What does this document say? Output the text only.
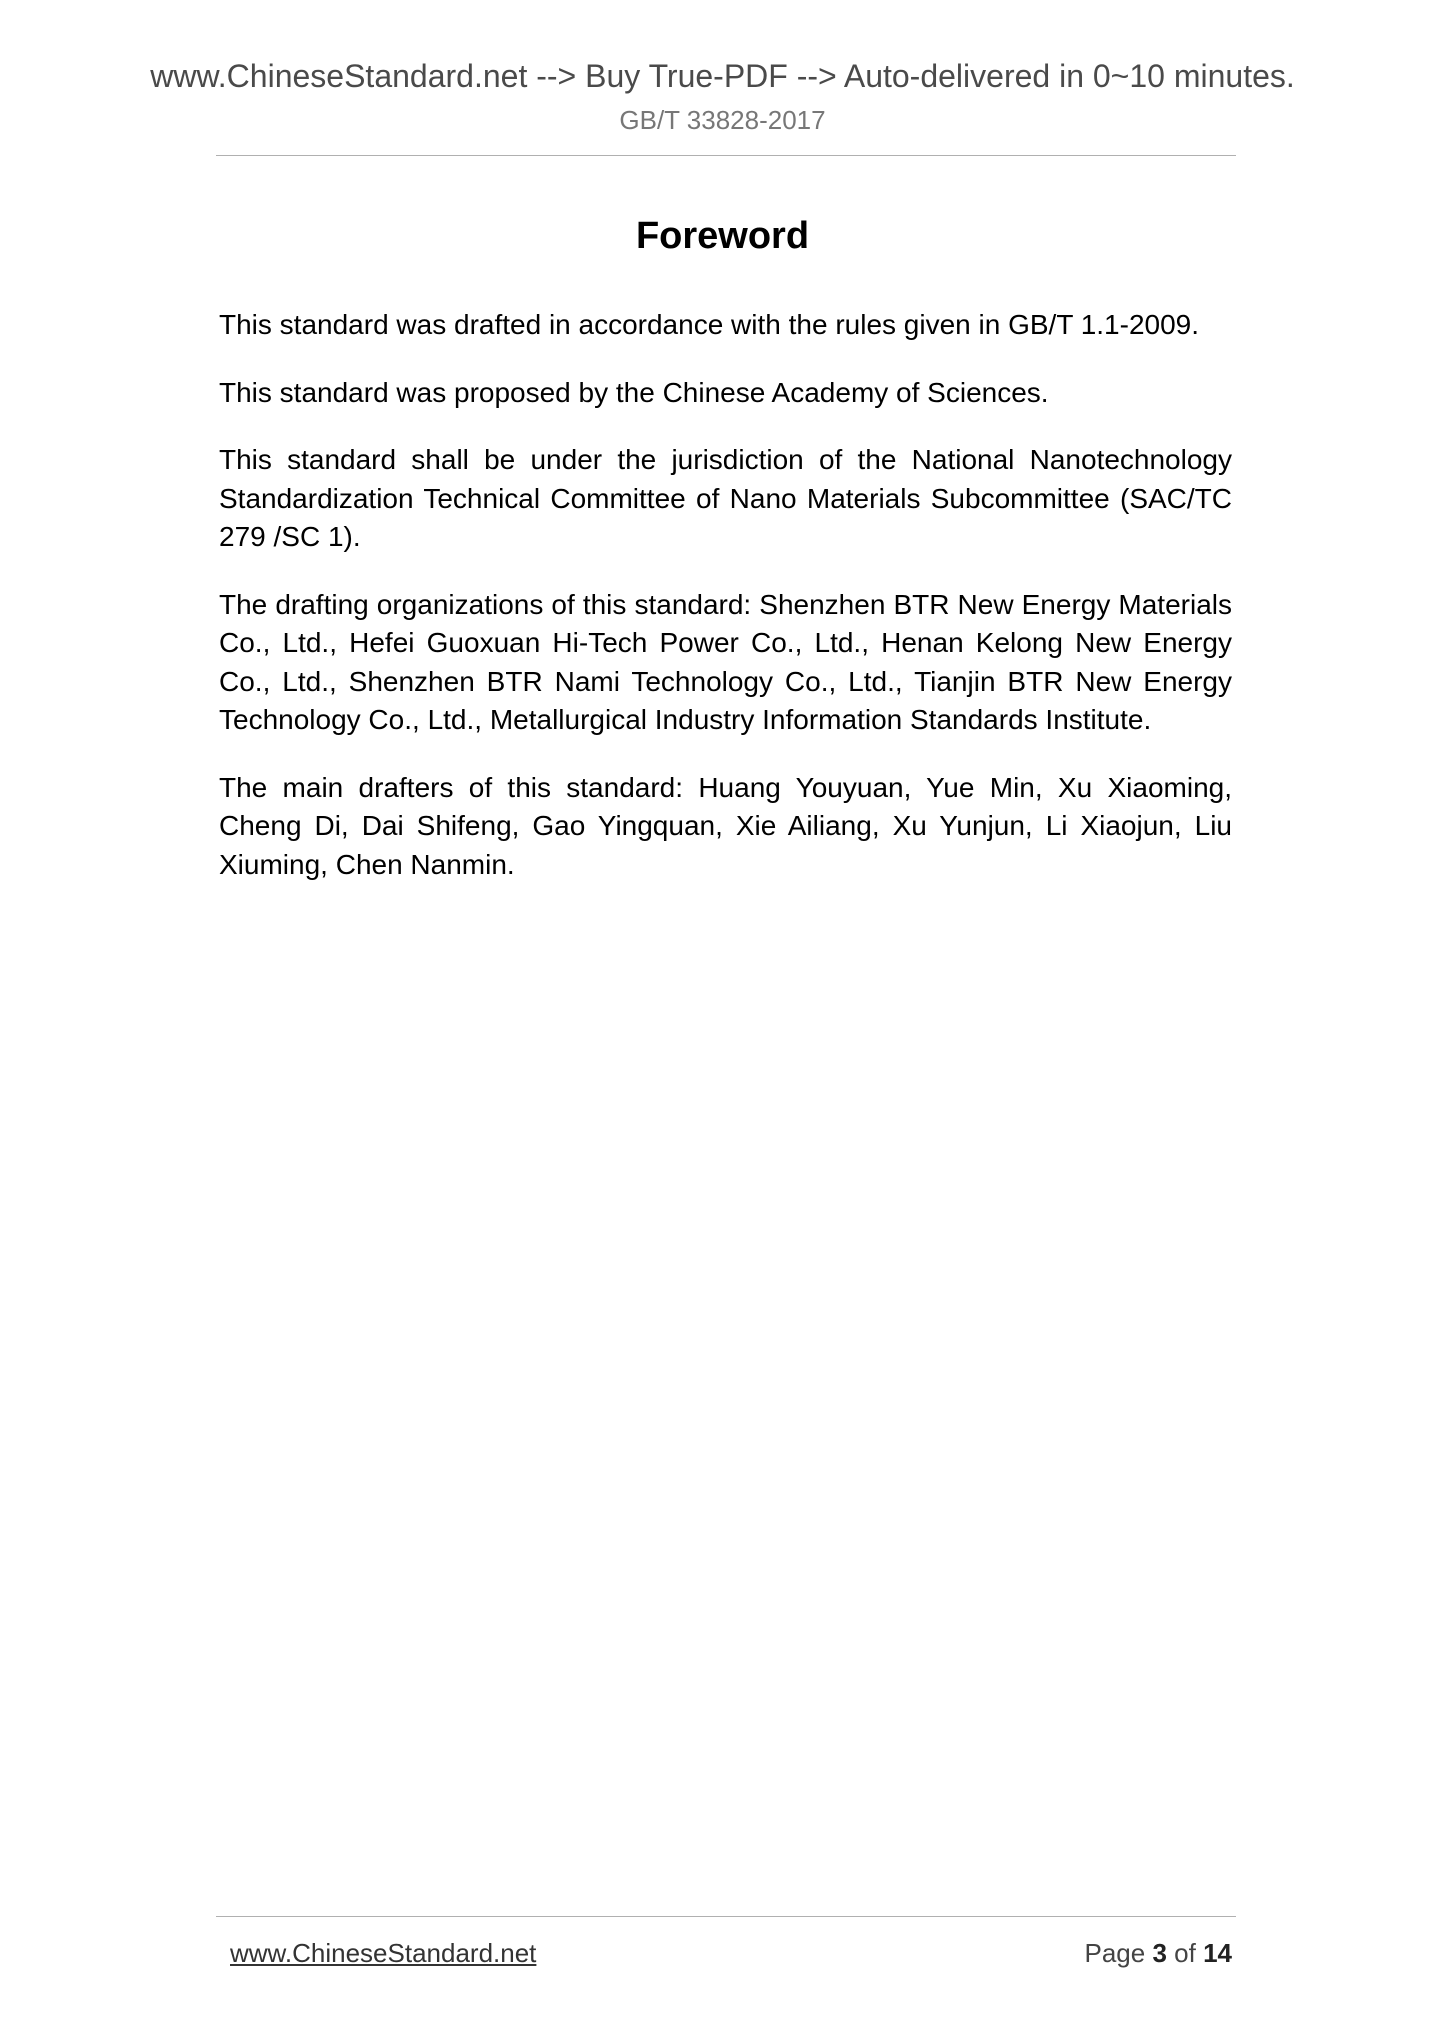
www.ChineseStandard.net --> Buy True-PDF --> Auto-delivered in 0~10 minutes.
GB/T 33828-2017
Foreword

This standard was drafted in accordance with the rules given in GB/T 1.1-2009.

This standard was proposed by the Chinese Academy of Sciences.

This standard shall be under the jurisdiction of the National Nanotechnology Standardization Technical Committee of Nano Materials Subcommittee (SAC/TC 279 /SC 1).

The drafting organizations of this standard: Shenzhen BTR New Energy Materials Co., Ltd., Hefei Guoxuan Hi-Tech Power Co., Ltd., Henan Kelong New Energy Co., Ltd., Shenzhen BTR Nami Technology Co., Ltd., Tianjin BTR New Energy Technology Co., Ltd., Metallurgical Industry Information Standards Institute.

The main drafters of this standard: Huang Youyuan, Yue Min, Xu Xiaoming, Cheng Di, Dai Shifeng, Gao Yingquan, Xie Ailiang, Xu Yunjun, Li Xiaojun, Liu Xiuming, Chen Nanmin.

www.ChineseStandard.net	Page 3 of 14
